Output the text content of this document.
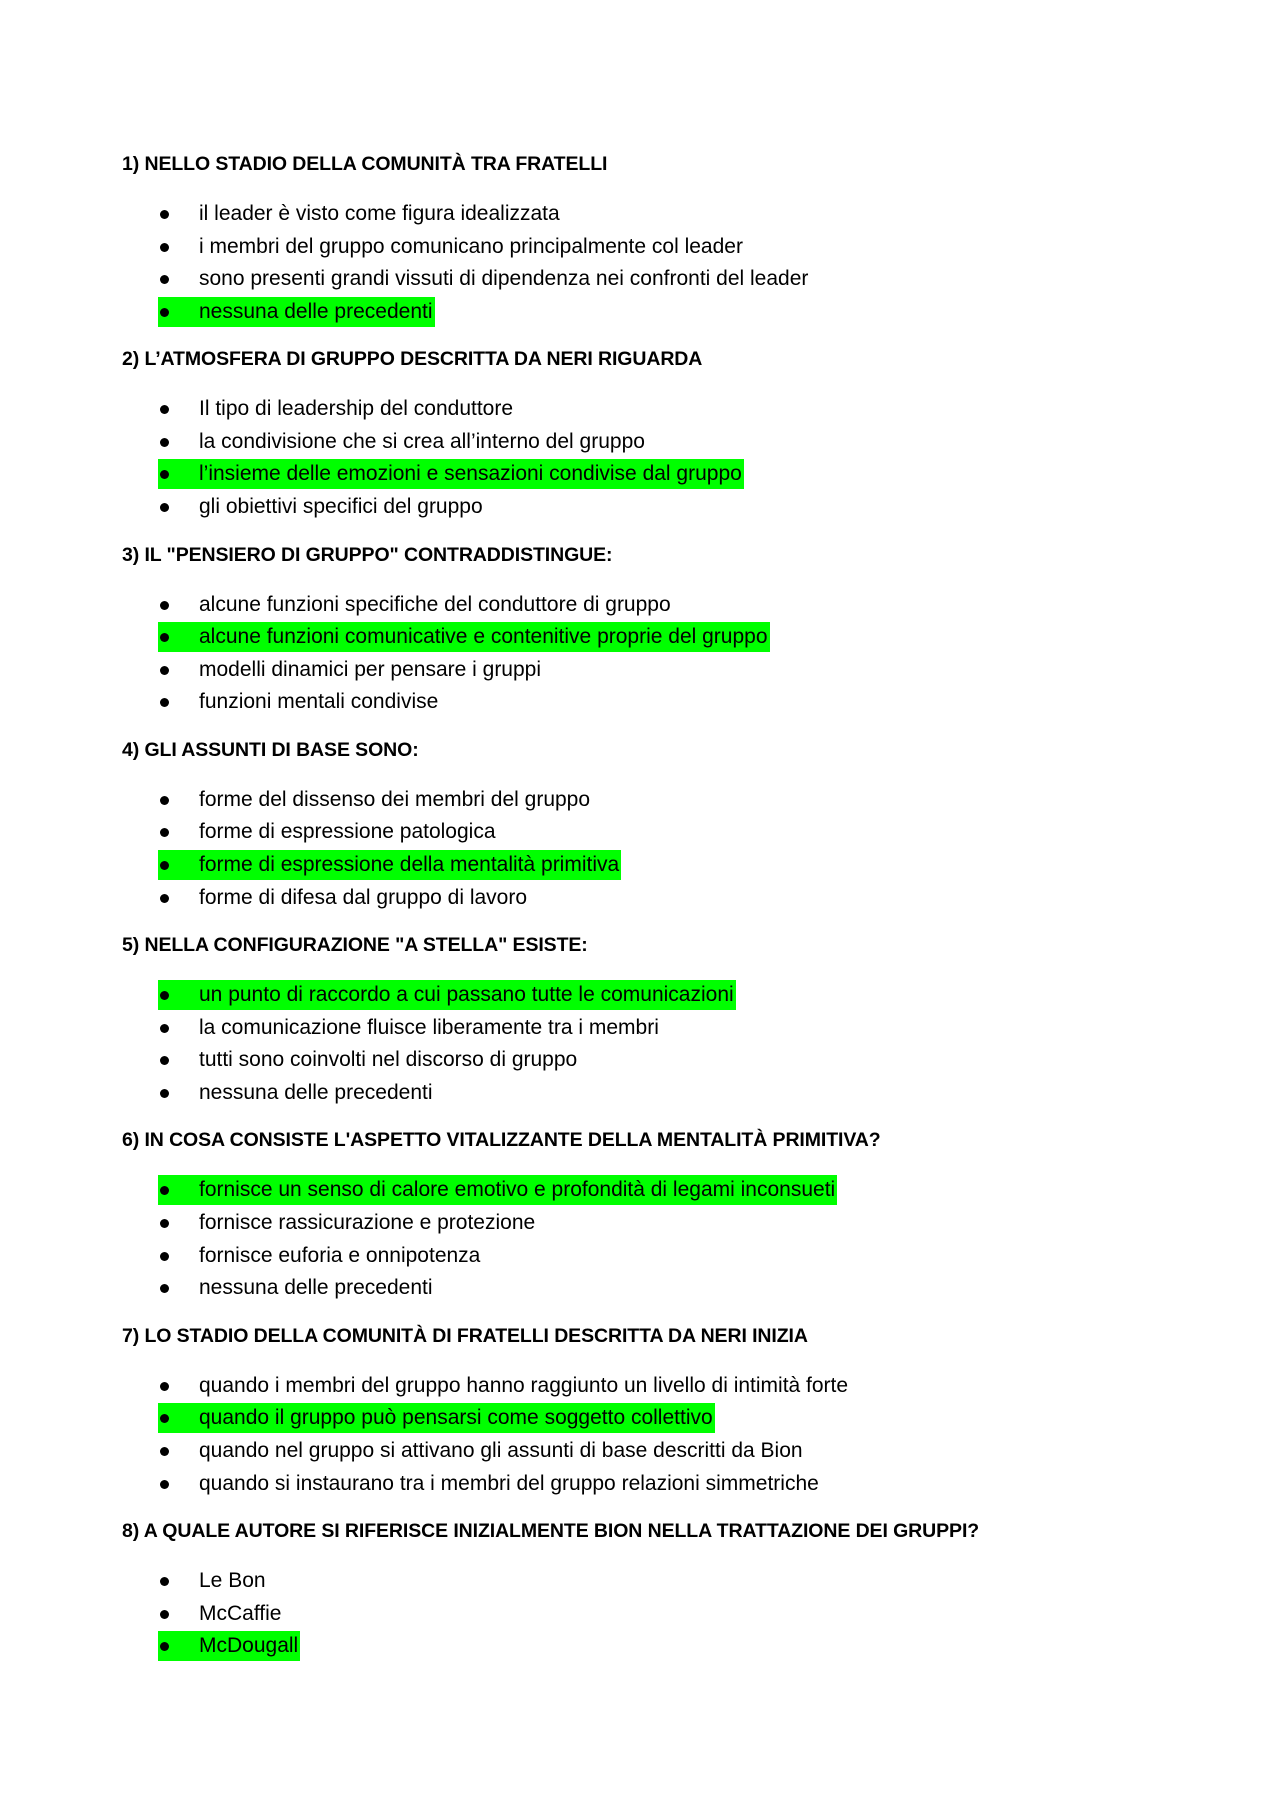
1) NELLO STADIO DELLA COMUNITÀ TRA FRATELLI
il leader è visto come figura idealizzata
i membri del gruppo comunicano principalmente col leader
sono presenti grandi vissuti di dipendenza nei confronti del leader
nessuna delle precedenti
2) L’ATMOSFERA DI GRUPPO DESCRITTA DA NERI RIGUARDA
Il tipo di leadership del conduttore
la condivisione che si crea all’interno del gruppo
l’insieme delle emozioni e sensazioni condivise dal gruppo
gli obiettivi specifici del gruppo
3) IL "PENSIERO DI GRUPPO" CONTRADDISTINGUE:
alcune funzioni specifiche del conduttore di gruppo
alcune funzioni comunicative e contenitive proprie del gruppo
modelli dinamici per pensare i gruppi
funzioni mentali condivise
4) GLI ASSUNTI DI BASE SONO:
forme del dissenso dei membri del gruppo
forme di espressione patologica
forme di espressione della mentalità primitiva
forme di difesa dal gruppo di lavoro
5) NELLA CONFIGURAZIONE "A STELLA" ESISTE:
un punto di raccordo a cui passano tutte le comunicazioni
la comunicazione fluisce liberamente tra i membri
tutti sono coinvolti nel discorso di gruppo
nessuna delle precedenti
6) IN COSA CONSISTE L'ASPETTO VITALIZZANTE DELLA MENTALITÀ PRIMITIVA?
fornisce un senso di calore emotivo e profondità di legami inconsueti
fornisce rassicurazione e protezione
fornisce euforia e onnipotenza
nessuna delle precedenti
7) LO STADIO DELLA COMUNITÀ DI FRATELLI DESCRITTA DA NERI INIZIA
quando i membri del gruppo hanno raggiunto un livello di intimità forte
quando il gruppo può pensarsi come soggetto collettivo
quando nel gruppo si attivano gli assunti di base descritti da Bion
quando si instaurano tra i membri del gruppo relazioni simmetriche
8) A QUALE AUTORE SI RIFERISCE INIZIALMENTE BION NELLA TRATTAZIONE DEI GRUPPI?
Le Bon
McCaffie
McDougall
